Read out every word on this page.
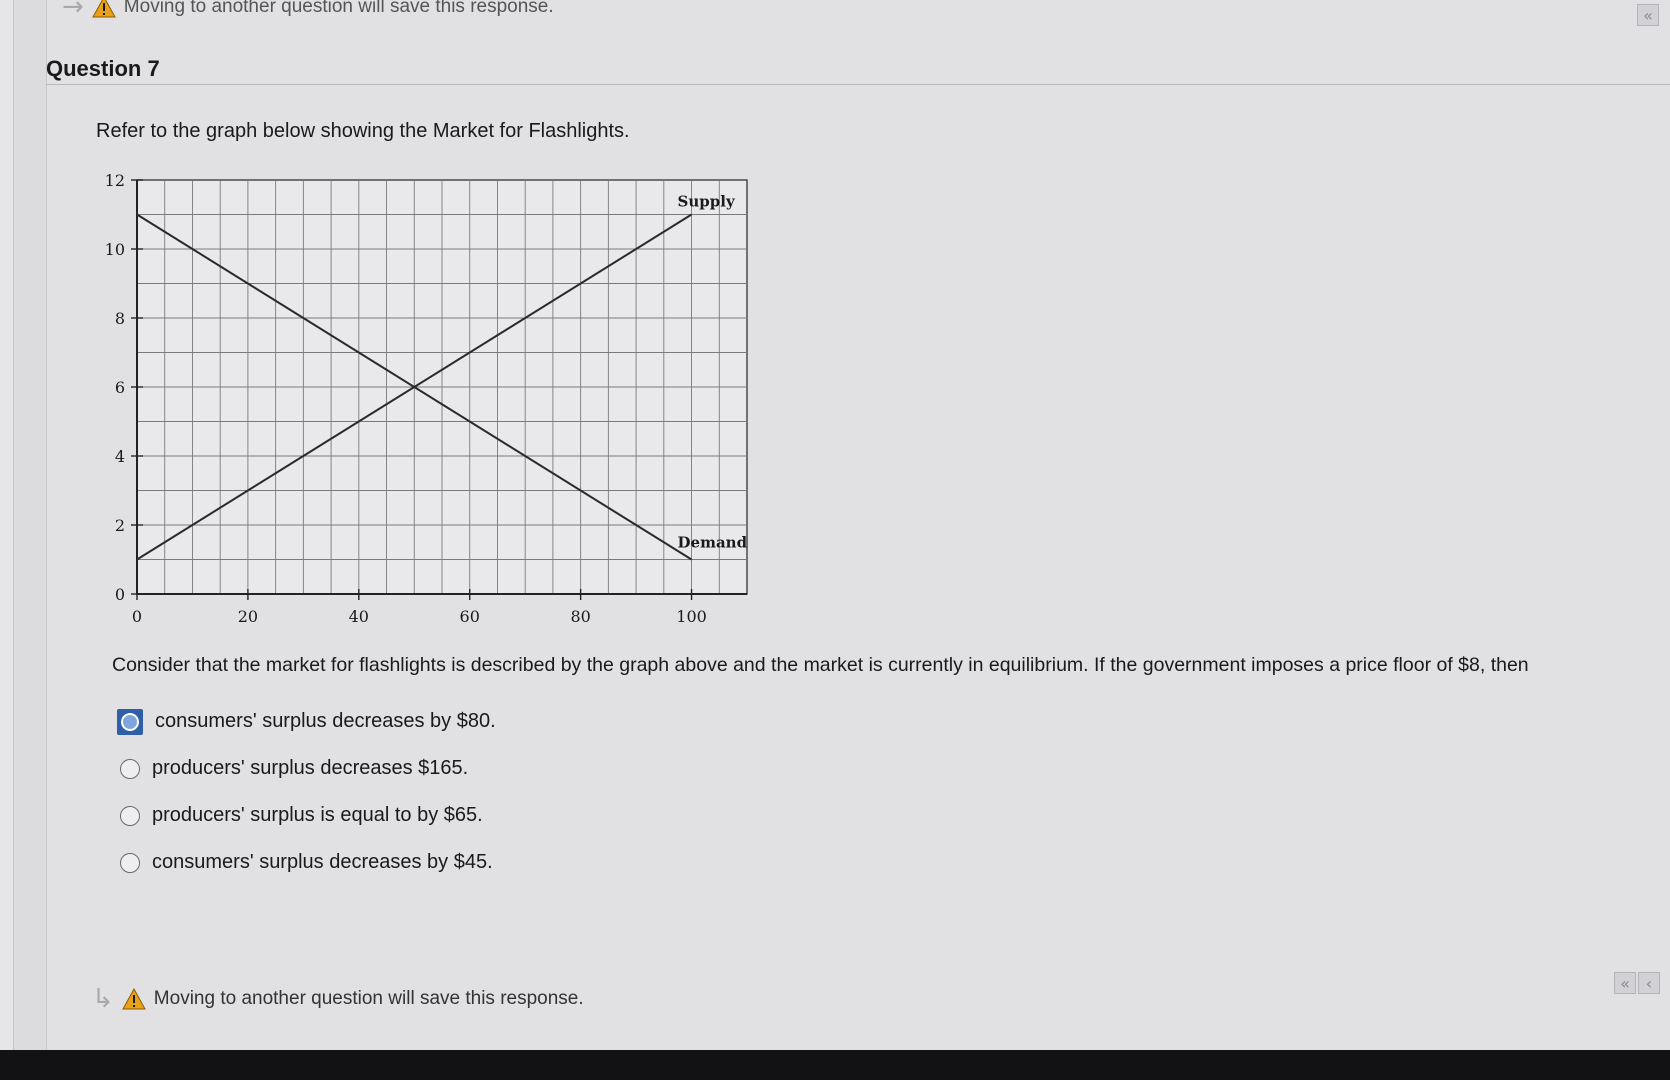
→ Moving to another question will save this response.	«
Question 7
Refer to the graph below showing the Market for Flashlights.
0
2
4
6
8
10
12
0	20	40	60	80	100
Supply
Demand
Consider that the market for flashlights is described by the graph above and the market is currently in equilibrium. If the government imposes a price floor of $8, then
consumers' surplus decreases by $80.
producers' surplus decreases $165.
producers' surplus is equal to by $65.
consumers' surplus decreases by $45.
↳ Moving to another question will save this response.
« ‹
